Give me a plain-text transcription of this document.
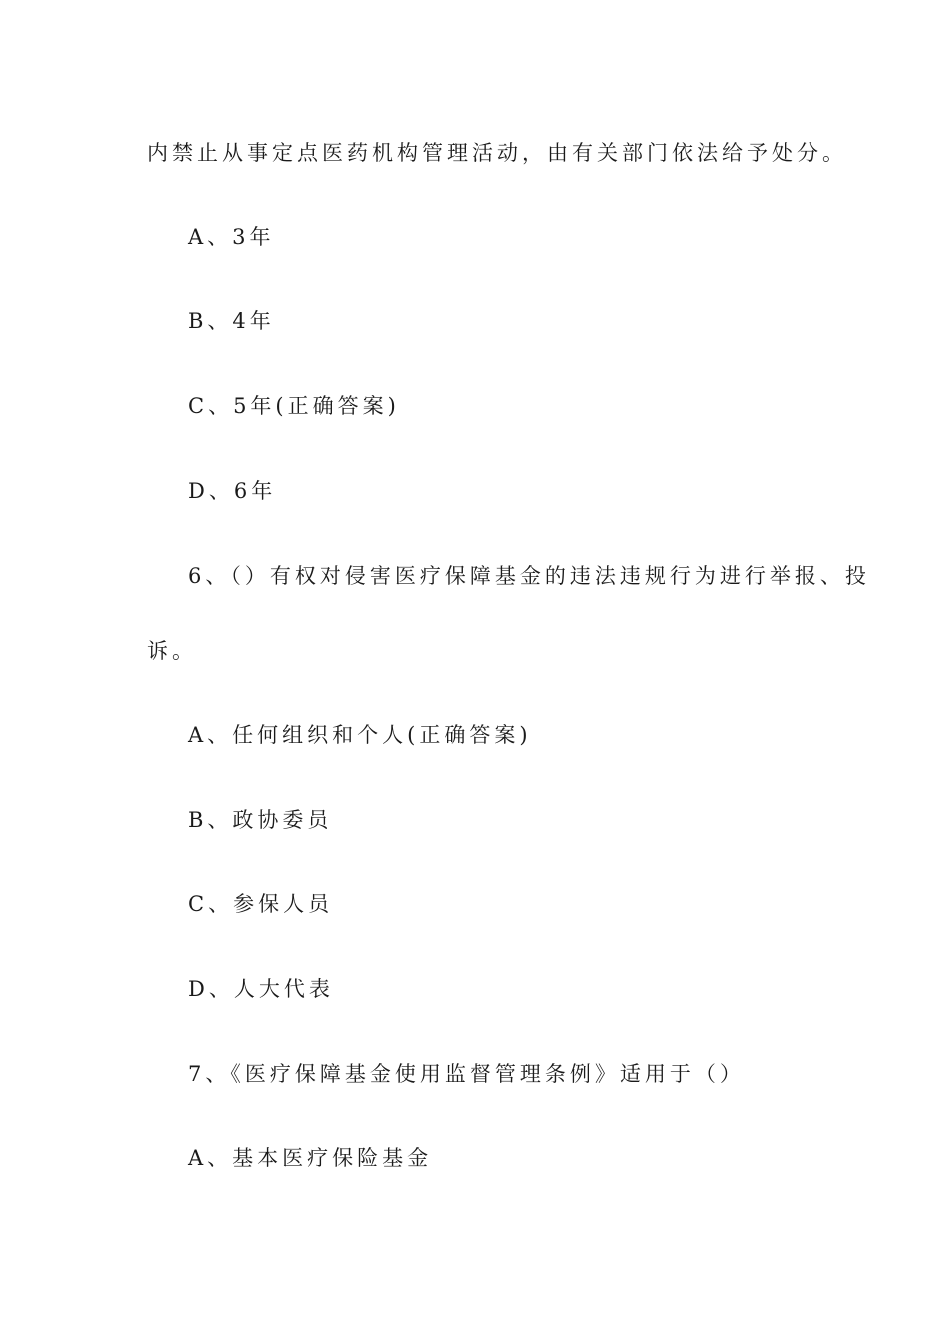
内禁止从事定点医药机构管理活动，由有关部门依法给予处分。
A、3年
B、4年
C、5年(正确答案)
D、6年
6、（）有权对侵害医疗保障基金的违法违规行为进行举报、投
诉。
A、任何组织和个人(正确答案)
B、政协委员
C、参保人员
D、人大代表
7、《医疗保障基金使用监督管理条例》适用于（）
A、基本医疗保险基金
